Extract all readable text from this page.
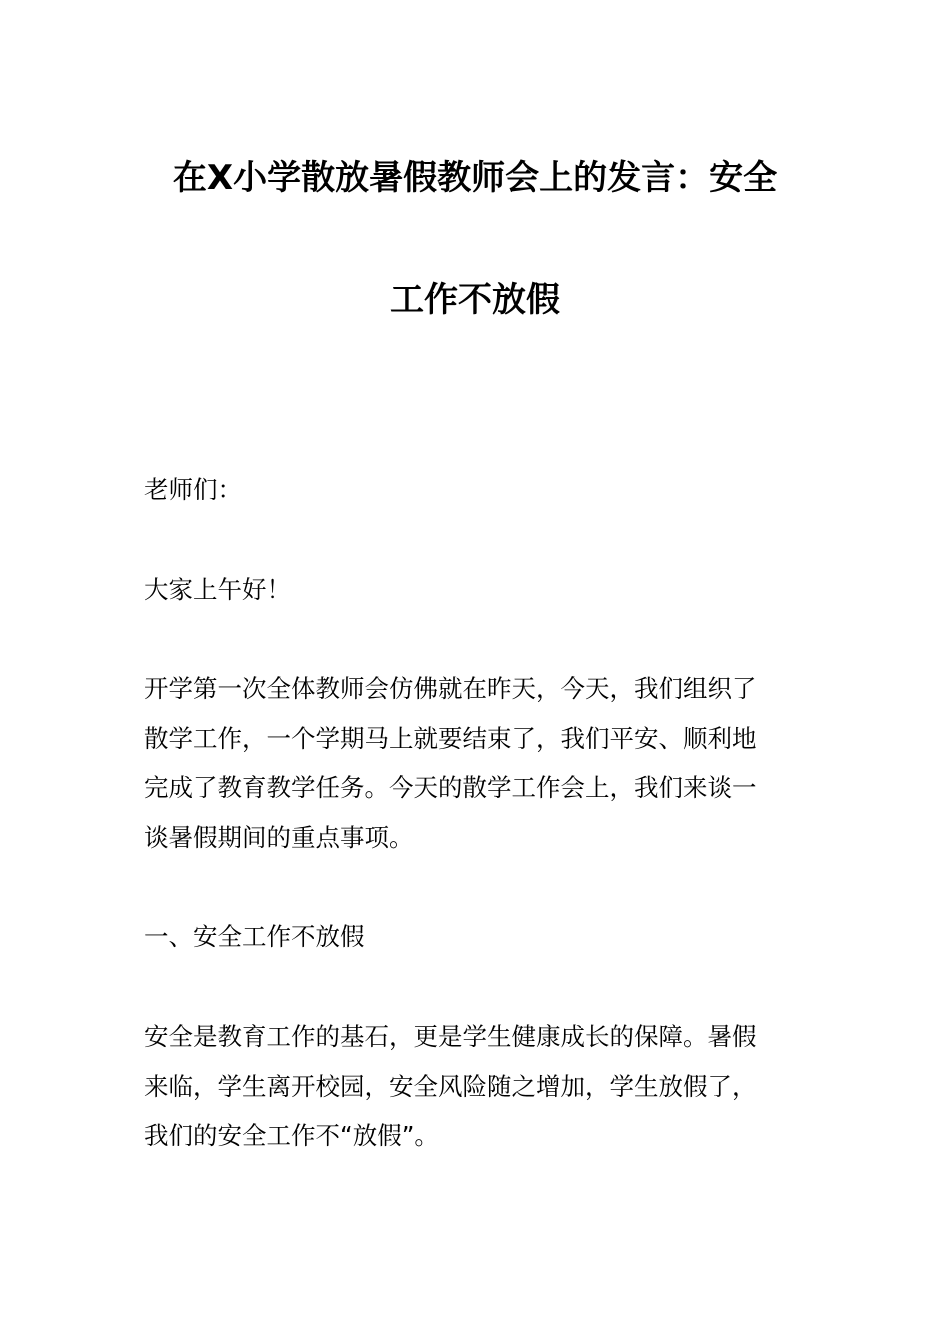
在Ⅹ小学散放暑假教师会上的发言：安全
工作不放假

老师们：

大家上午好！

开学第一次全体教师会仿佛就在昨天，今天，我们组织了
散学工作，一个学期马上就要结束了，我们平安、顺利地
完成了教育教学任务。今天的散学工作会上，我们来谈一
谈暑假期间的重点事项。

一、安全工作不放假

安全是教育工作的基石，更是学生健康成长的保障。暑假
来临，学生离开校园，安全风险随之增加，学生放假了，
我们的安全工作不“放假”。
